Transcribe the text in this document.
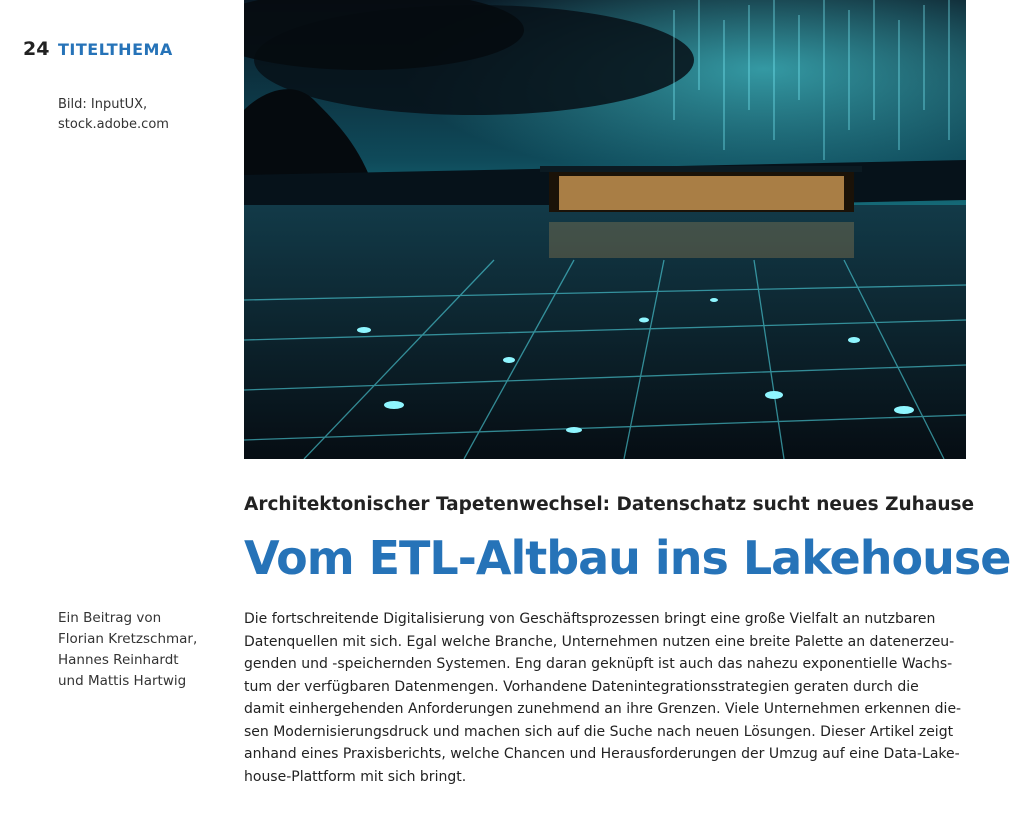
24 TITELTHEMA
Bild: InputUX,
stock.adobe.com
Architektonischer Tapetenwechsel: Datenschatz sucht neues Zuhause
Vom ETL-Altbau ins Lakehouse
Ein Beitrag von
Florian Kretzschmar,
Hannes Reinhardt
und Mattis Hartwig
Die fortschreitende Digitalisierung von Geschäftsprozessen bringt eine große Vielfalt an nutzbaren
Datenquellen mit sich. Egal welche Branche, Unternehmen nutzen eine breite Palette an datenerzeu-
genden und -speichernden Systemen. Eng daran geknüpft ist auch das nahezu exponentielle Wachs-
tum der verfügbaren Datenmengen. Vorhandene Datenintegrationsstrategien geraten durch die
damit einhergehenden Anforderungen zunehmend an ihre Grenzen. Viele Unternehmen erkennen die-
sen Modernisierungsdruck und machen sich auf die Suche nach neuen Lösungen. Dieser Artikel zeigt
anhand eines Praxisberichts, welche Chancen und Herausforderungen der Umzug auf eine Data-Lake-
house-Plattform mit sich bringt.
